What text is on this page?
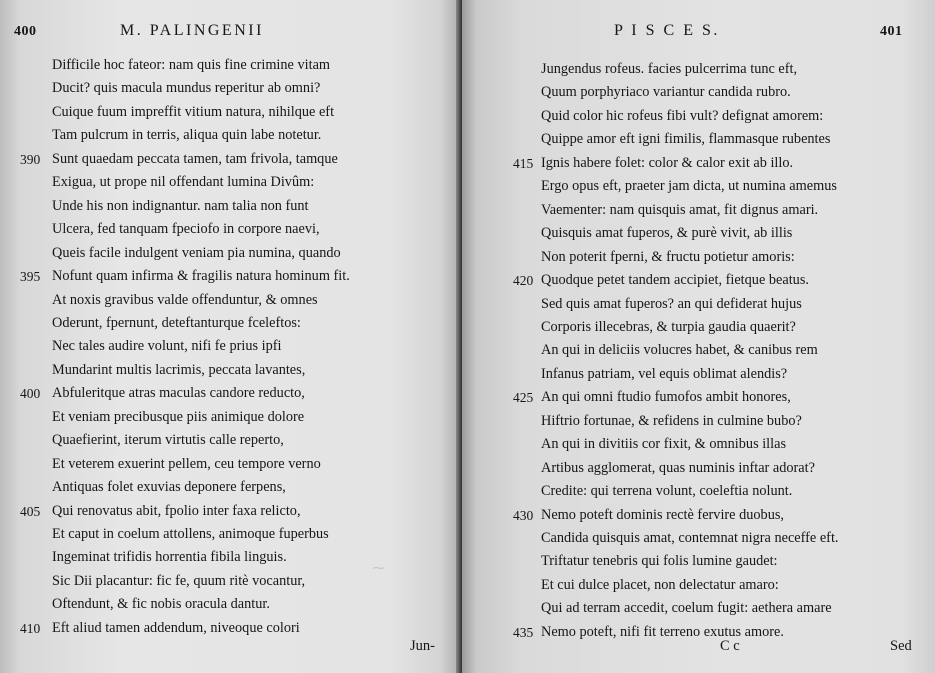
⁓
400	M. PALINGENII
Difficile hoc fateor: nam quis fine crimine vitam
Ducit? quis macula mundus reperitur ab omni?
Cuique fuum impreffit vitium natura, nihilque eft
Tam pulcrum in terris, aliqua quin labe notetur.
390 Sunt quaedam peccata tamen, tam frivola, tamque
Exigua, ut prope nil offendant lumina Divûm:
Unde his non indignantur. nam talia non funt
Ulcera, fed tanquam fpeciofo in corpore naevi,
Queis facile indulgent veniam pia numina, quando
395 Nofunt quam infirma & fragilis natura hominum fit.
At noxis gravibus valde offenduntur, & omnes
Oderunt, fpernunt, deteftanturque fceleftos:
Nec tales audire volunt, nifi fe prius ipfi
Mundarint multis lacrimis, peccata lavantes,
400 Abfuleritque atras maculas candore reducto,
Et veniam precibusque piis animique dolore
Quaefierint, iterum virtutis calle reperto,
Et veterem exuerint pellem, ceu tempore verno
Antiquas folet exuvias deponere ferpens,
405 Qui renovatus abit, fpolio inter faxa relicto,
Et caput in coelum attollens, animoque fuperbus
Ingeminat trifidis horrentia fibila linguis.
Sic Dii placantur: fic fe, quum ritè vocantur,
Oftendunt, & fic nobis oracula dantur.
410 Eft aliud tamen addendum, niveoque colori
Jun-
P I S C E S.	401
Jungendus rofeus. facies pulcerrima tunc eft,
Quum porphyriaco variantur candida rubro.
Quid color hic rofeus fibi vult? defignat amorem:
Quippe amor eft igni fimilis, flammasque rubentes
415 Ignis habere folet: color & calor exit ab illo.
Ergo opus eft, praeter jam dicta, ut numina amemus
Vaementer: nam quisquis amat, fit dignus amari.
Quisquis amat fuperos, & purè vivit, ab illis
Non poterit fperni, & fructu potietur amoris:
420 Quodque petet tandem accipiet, fietque beatus.
Sed quis amat fuperos? an qui defiderat hujus
Corporis illecebras, & turpia gaudia quaerit?
An qui in deliciis volucres habet, & canibus rem
Infanus patriam, vel equis oblimat alendis?
425 An qui omni ftudio fumofos ambit honores,
Hiftrio fortunae, & refidens in culmine bubo?
An qui in divitiis cor fixit, & omnibus illas
Artibus agglomerat, quas numinis inftar adorat?
Credite: qui terrena volunt, coeleftia nolunt.
430 Nemo poteft dominis rectè fervire duobus,
Candida quisquis amat, contemnat nigra neceffe eft.
Triftatur tenebris qui folis lumine gaudet:
Et cui dulce placet, non delectatur amaro:
Qui ad terram accedit, coelum fugit: aethera amare
435 Nemo poteft, nifi fit terreno exutus amore.
C c	Sed
